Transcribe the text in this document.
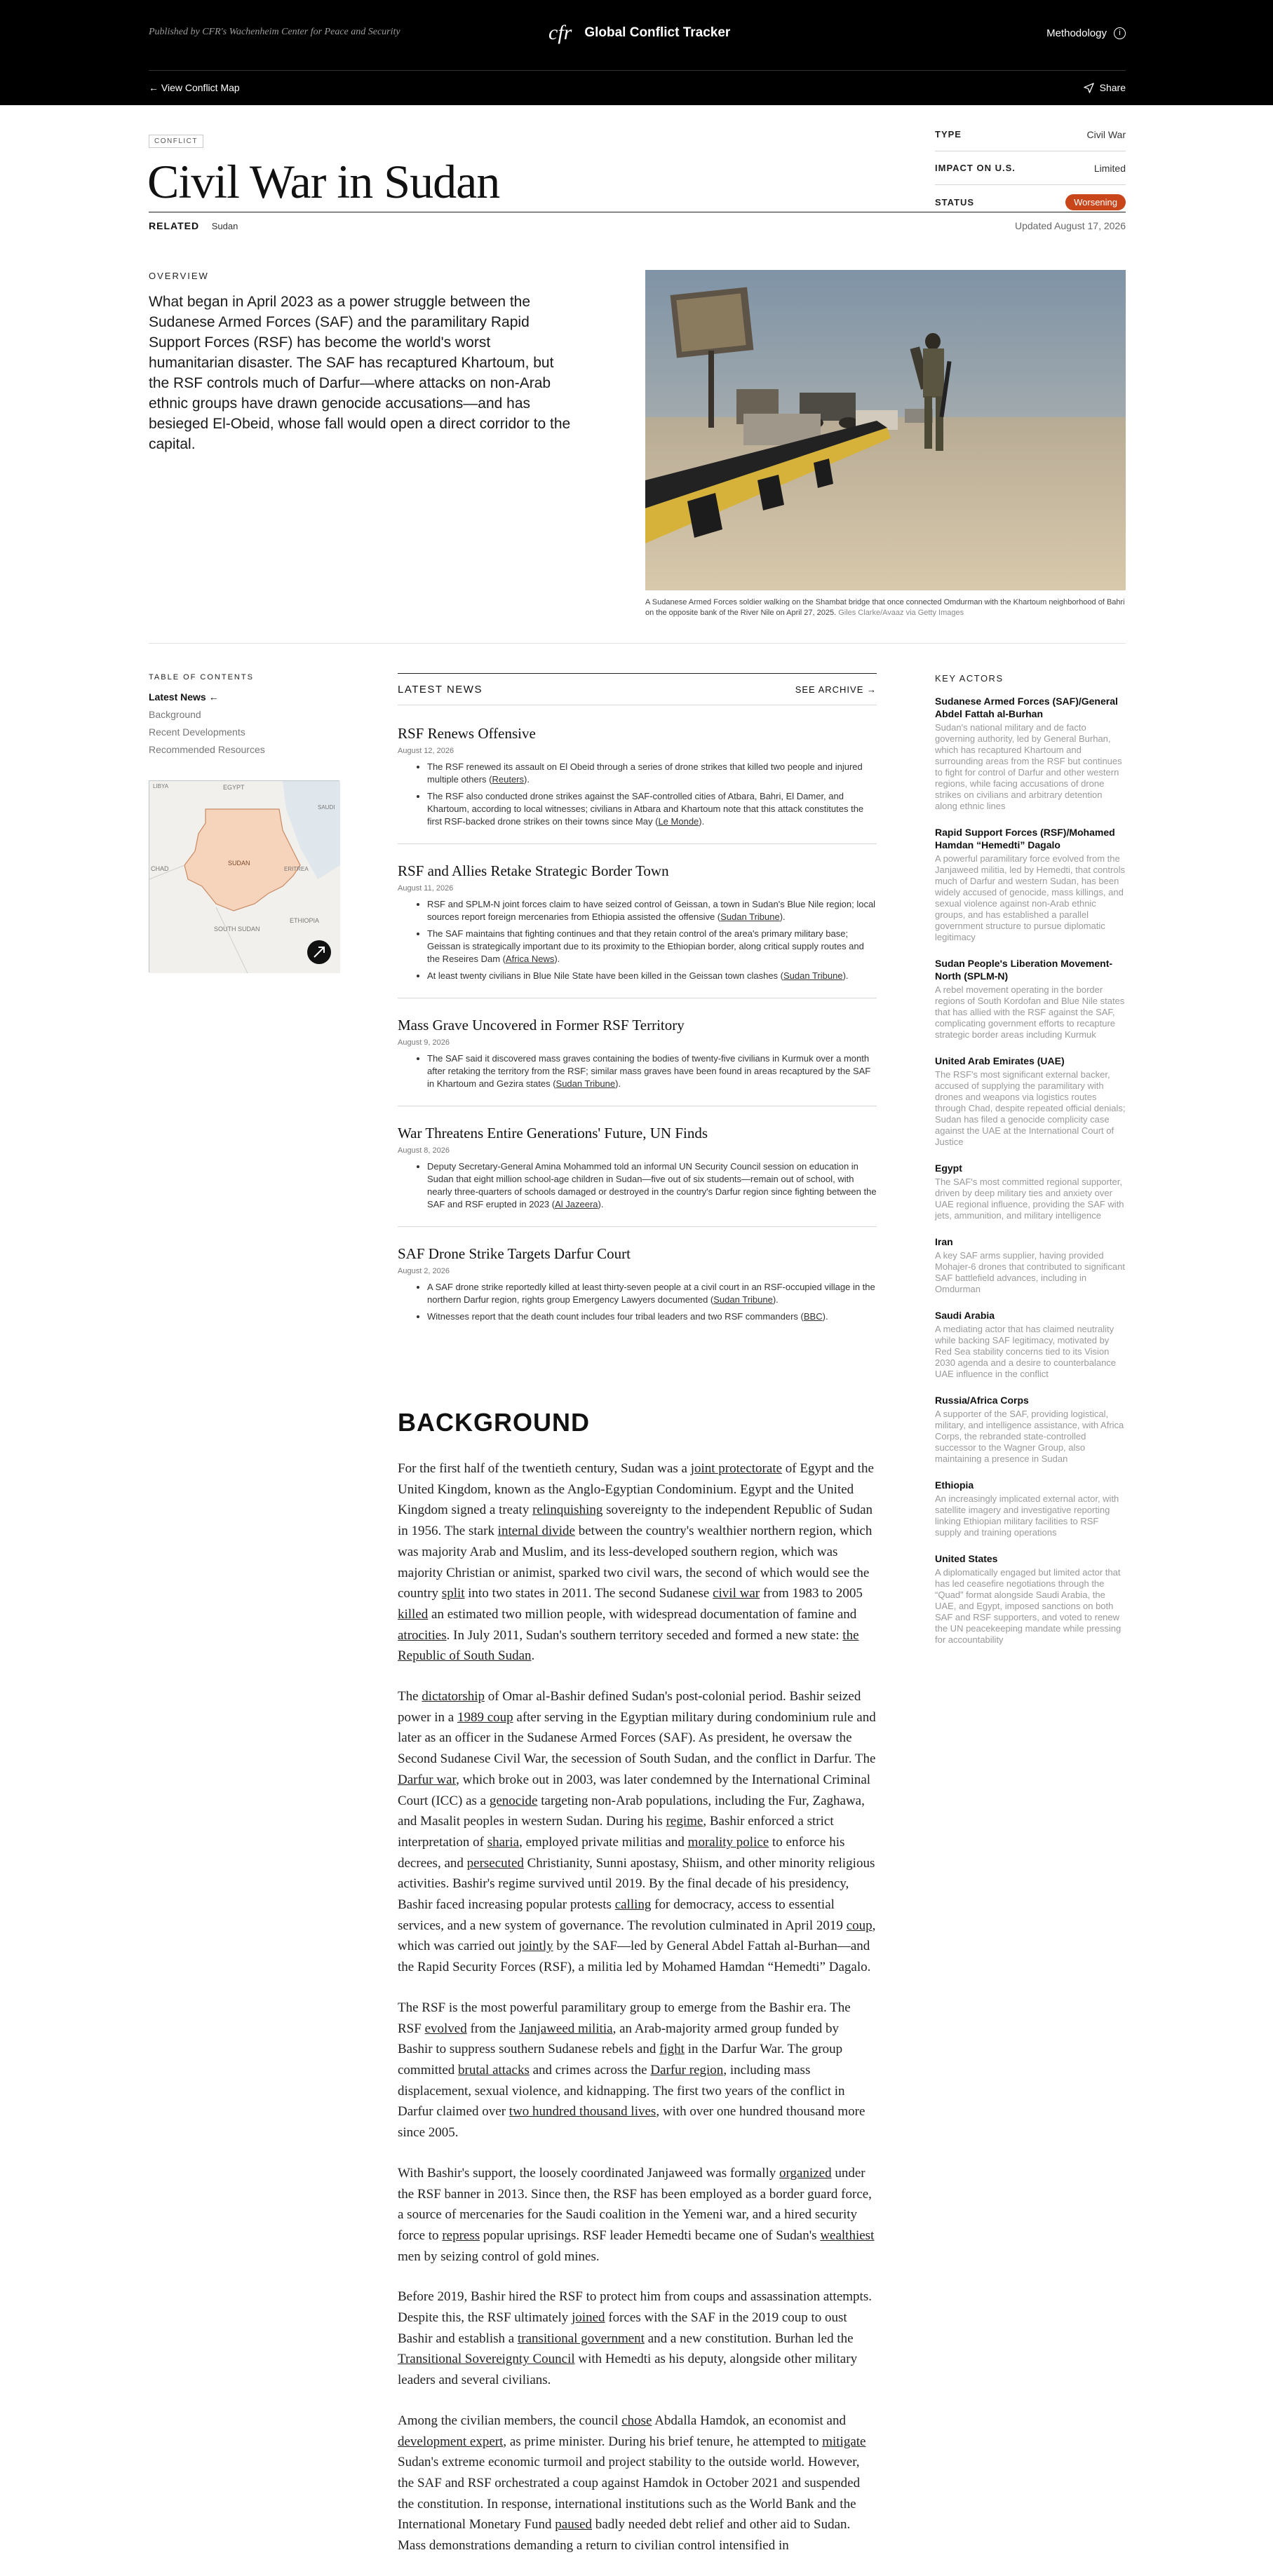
Published by CFR's Wachenheim Center for Peace and Security	cfr Global Conflict Tracker	Methodology	i
← View Conflict Map	Share
CONFLICT
Civil War in Sudan
TYPE	Civil War
IMPACT ON U.S.	Limited
STATUS	Worsening
RELATED Sudan	Updated August 17, 2026
OVERVIEW
What began in April 2023 as a power struggle between the Sudanese Armed Forces (SAF) and the paramilitary Rapid Support Forces (RSF) has become the world's worst humanitarian disaster. The SAF has recaptured Khartoum, but the RSF controls much of Darfur—where attacks on non-Arab ethnic groups have drawn genocide accusations—and has besieged El-Obeid, whose fall would open a direct corridor to the capital.
A Sudanese Armed Forces soldier walking on the Shambat bridge that once connected Omdurman with the Khartoum neighborhood of Bahri on the opposite bank of the River Nile on April 27, 2025. Giles Clarke/Avaaz via Getty Images
TABLE OF CONTENTS
Latest News ←
Background
Recent Developments
Recommended Resources
LIBYA	EGYPT
SAUDI
CHAD
SUDAN
ERITREA
SOUTH SUDAN
ETHIOPIA
LATEST NEWS	SEE ARCHIVE →
RSF Renews Offensive
August 12, 2026
• The RSF renewed its assault on El Obeid through a series of drone strikes that killed two people and injured multiple others (Reuters).
• The RSF also conducted drone strikes against the SAF-controlled cities of Atbara, Bahri, El Damer, and Khartoum, according to local witnesses; civilians in Atbara and Khartoum note that this attack constitutes the first RSF-backed drone strikes on their towns since May (Le Monde).
RSF and Allies Retake Strategic Border Town
August 11, 2026
• RSF and SPLM-N joint forces claim to have seized control of Geissan, a town in Sudan's Blue Nile region; local sources report foreign mercenaries from Ethiopia assisted the offensive (Sudan Tribune).
• The SAF maintains that fighting continues and that they retain control of the area's primary military base; Geissan is strategically important due to its proximity to the Ethiopian border, along critical supply routes and the Reseires Dam (Africa News).
• At least twenty civilians in Blue Nile State have been killed in the Geissan town clashes (Sudan Tribune).
Mass Grave Uncovered in Former RSF Territory
August 9, 2026
• The SAF said it discovered mass graves containing the bodies of twenty-five civilians in Kurmuk over a month after retaking the territory from the RSF; similar mass graves have been found in areas recaptured by the SAF in Khartoum and Gezira states (Sudan Tribune).
War Threatens Entire Generations' Future, UN Finds
August 8, 2026
• Deputy Secretary-General Amina Mohammed told an informal UN Security Council session on education in Sudan that eight million school-age children in Sudan—five out of six students—remain out of school, with nearly three-quarters of schools damaged or destroyed in the country's Darfur region since fighting between the SAF and RSF erupted in 2023 (Al Jazeera).
SAF Drone Strike Targets Darfur Court
August 2, 2026
• A SAF drone strike reportedly killed at least thirty-seven people at a civil court in an RSF-occupied village in the northern Darfur region, rights group Emergency Lawyers documented (Sudan Tribune).
• Witnesses report that the death count includes four tribal leaders and two RSF commanders (BBC).
KEY ACTORS
Sudanese Armed Forces (SAF)/General Abdel Fattah al-Burhan
Sudan's national military and de facto governing authority, led by General Burhan, which has recaptured Khartoum and surrounding areas from the RSF but continues to fight for control of Darfur and other western regions, while facing accusations of drone strikes on civilians and arbitrary detention along ethnic lines
Rapid Support Forces (RSF)/Mohamed Hamdan “Hemedti” Dagalo
A powerful paramilitary force evolved from the Janjaweed militia, led by Hemedti, that controls much of Darfur and western Sudan, has been widely accused of genocide, mass killings, and sexual violence against non-Arab ethnic groups, and has established a parallel government structure to pursue diplomatic legitimacy
Sudan People's Liberation Movement-North (SPLM-N)
A rebel movement operating in the border regions of South Kordofan and Blue Nile states that has allied with the RSF against the SAF, complicating government efforts to recapture strategic border areas including Kurmuk
United Arab Emirates (UAE)
The RSF's most significant external backer, accused of supplying the paramilitary with drones and weapons via logistics routes through Chad, despite repeated official denials; Sudan has filed a genocide complicity case against the UAE at the International Court of Justice
Egypt
The SAF's most committed regional supporter, driven by deep military ties and anxiety over UAE regional influence, providing the SAF with jets, ammunition, and military intelligence
Iran
A key SAF arms supplier, having provided Mohajer-6 drones that contributed to significant SAF battlefield advances, including in Omdurman
Saudi Arabia
A mediating actor that has claimed neutrality while backing SAF legitimacy, motivated by Red Sea stability concerns tied to its Vision 2030 agenda and a desire to counterbalance UAE influence in the conflict
Russia/Africa Corps
A supporter of the SAF, providing logistical, military, and intelligence assistance, with Africa Corps, the rebranded state-controlled successor to the Wagner Group, also maintaining a presence in Sudan
Ethiopia
An increasingly implicated external actor, with satellite imagery and investigative reporting linking Ethiopian military facilities to RSF supply and training operations
United States
A diplomatically engaged but limited actor that has led ceasefire negotiations through the “Quad” format alongside Saudi Arabia, the UAE, and Egypt, imposed sanctions on both SAF and RSF supporters, and voted to renew the UN peacekeeping mandate while pressing for accountability
BACKGROUND

For the first half of the twentieth century, Sudan was a joint protectorate of Egypt and the United Kingdom, known as the Anglo-Egyptian Condominium. Egypt and the United Kingdom signed a treaty relinquishing sovereignty to the independent Republic of Sudan in 1956. The stark internal divide between the country's wealthier northern region, which was majority Arab and Muslim, and its less-developed southern region, which was majority Christian or animist, sparked two civil wars, the second of which would see the country split into two states in 2011. The second Sudanese civil war from 1983 to 2005 killed an estimated two million people, with widespread documentation of famine and atrocities. In July 2011, Sudan's southern territory seceded and formed a new state: the Republic of South Sudan.

The dictatorship of Omar al-Bashir defined Sudan's post-colonial period. Bashir seized power in a 1989 coup after serving in the Egyptian military during condominium rule and later as an officer in the Sudanese Armed Forces (SAF). As president, he oversaw the Second Sudanese Civil War, the secession of South Sudan, and the conflict in Darfur. The Darfur war, which broke out in 2003, was later condemned by the International Criminal Court (ICC) as a genocide targeting non-Arab populations, including the Fur, Zaghawa, and Masalit peoples in western Sudan. During his regime, Bashir enforced a strict interpretation of sharia, employed private militias and morality police to enforce his decrees, and persecuted Christianity, Sunni apostasy, Shiism, and other minority religious activities. Bashir's regime survived until 2019. By the final decade of his presidency, Bashir faced increasing popular protests calling for democracy, access to essential services, and a new system of governance. The revolution culminated in April 2019 coup, which was carried out jointly by the SAF—led by General Abdel Fattah al-Burhan—and the Rapid Security Forces (RSF), a militia led by Mohamed Hamdan “Hemedti” Dagalo.

The RSF is the most powerful paramilitary group to emerge from the Bashir era. The RSF evolved from the Janjaweed militia, an Arab-majority armed group funded by Bashir to suppress southern Sudanese rebels and fight in the Darfur War. The group committed brutal attacks and crimes across the Darfur region, including mass displacement, sexual violence, and kidnapping. The first two years of the conflict in Darfur claimed over two hundred thousand lives, with over one hundred thousand more since 2005.

With Bashir's support, the loosely coordinated Janjaweed was formally organized under the RSF banner in 2013. Since then, the RSF has been employed as a border guard force, a source of mercenaries for the Saudi coalition in the Yemeni war, and a hired security force to repress popular uprisings. RSF leader Hemedti became one of Sudan's wealthiest men by seizing control of gold mines.

Before 2019, Bashir hired the RSF to protect him from coups and assassination attempts. Despite this, the RSF ultimately joined forces with the SAF in the 2019 coup to oust Bashir and establish a transitional government and a new constitution. Burhan led the Transitional Sovereignty Council with Hemedti as his deputy, alongside other military leaders and several civilians.

Among the civilian members, the council chose Abdalla Hamdok, an economist and development expert, as prime minister. During his brief tenure, he attempted to mitigate Sudan's extreme economic turmoil and project stability to the outside world. However, the SAF and RSF orchestrated a coup against Hamdok in October 2021 and suspended the constitution. In response, international institutions such as the World Bank and the International Monetary Fund paused badly needed debt relief and other aid to Sudan. Mass demonstrations demanding a return to civilian control intensified in
